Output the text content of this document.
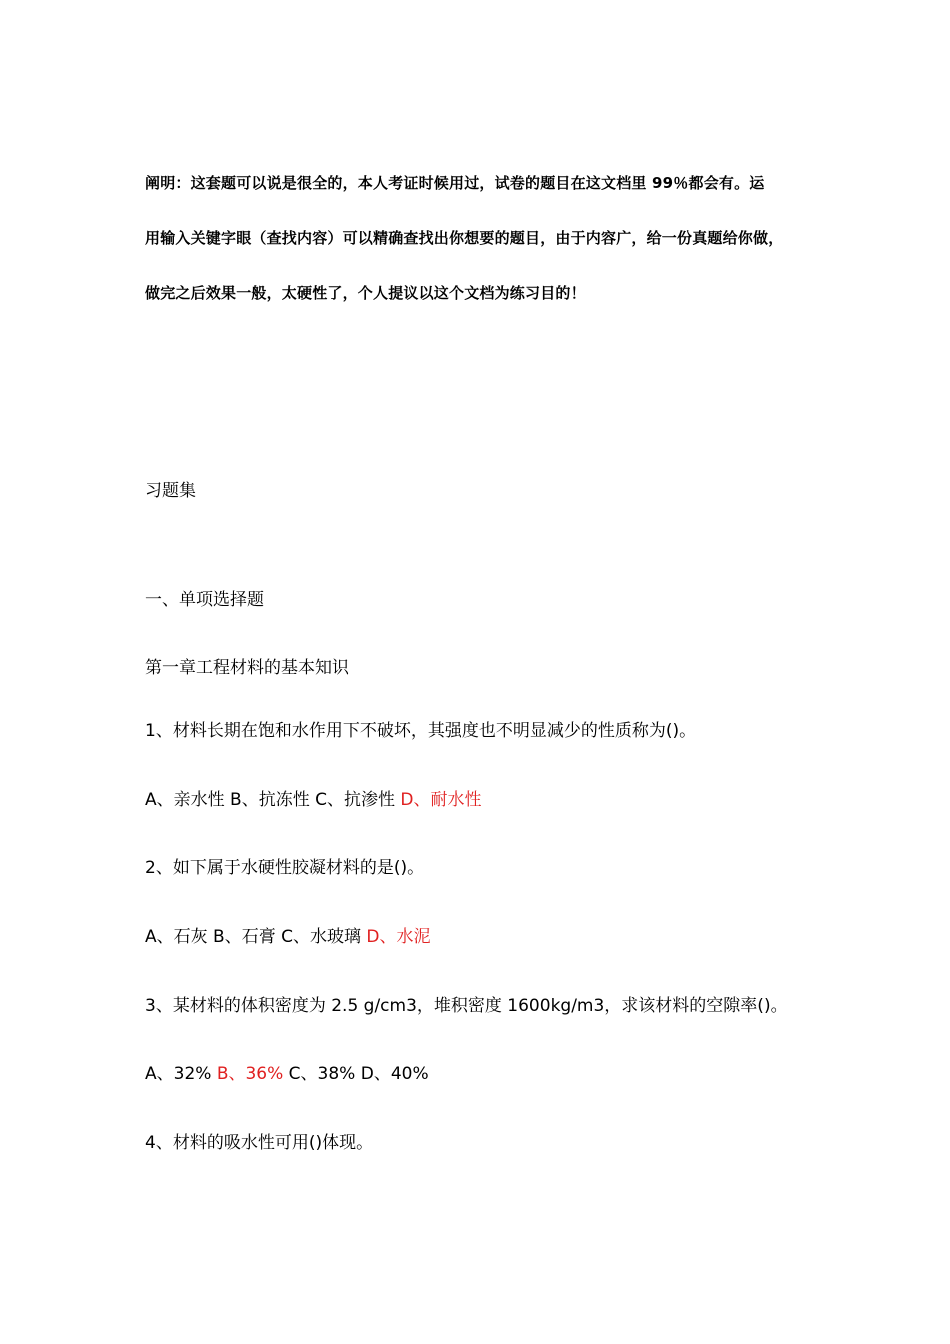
阐明：这套题可以说是很全的，本人考证时候用过，试卷的题目在这文档里 99％都会有。运
用输入关键字眼（查找内容）可以精确查找出你想要的题目，由于内容广，给一份真题给你做，
做完之后效果一般，太硬性了，个人提议以这个文档为练习目的！
习题集
一、单项选择题
第一章工程材料的基本知识
1、材料长期在饱和水作用下不破坏，其强度也不明显减少的性质称为()。
A、亲水性 B、抗冻性 C、抗渗性 D、耐水性
2、如下属于水硬性胶凝材料的是()。
A、石灰 B、石膏 C、水玻璃 D、水泥
3、某材料的体积密度为 2.5 g/cm3，堆积密度 1600kg/m3，求该材料的空隙率()。
A、32% B、36% C、38% D、40%
4、材料的吸水性可用()体现。
